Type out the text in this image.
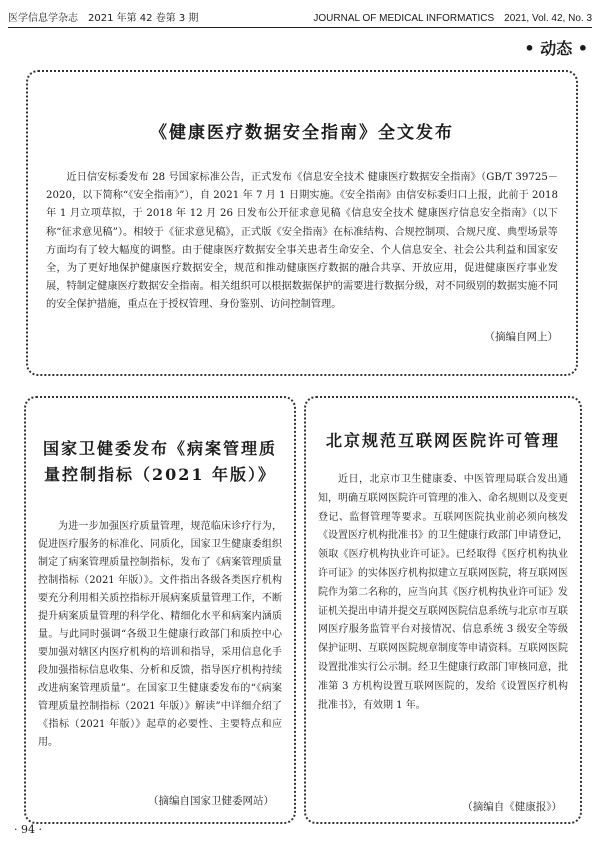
医学信息学杂志　2021 年第 42 卷第 3 期	JOURNAL OF MEDICAL INFORMATICS　2021, Vol. 42, No. 3
• 动态 •
《健康医疗数据安全指南》全文发布
近日信安标委发布 28 号国家标准公告，正式发布《信息安全技术 健康医疗数据安全指南》（GB/T 39725－2020，以下简称“《安全指南》”），自 2021 年 7 月 1 日期实施。《安全指南》由信安标委归口上报，此前于 2018 年 1 月立项草拟，于 2018 年 12 月 26 日发布公开征求意见稿《信息安全技术 健康医疗信息安全指南》（以下称“征求意见稿”）。相较于《征求意见稿》，正式版《安全指南》在标准结构、合规控制项、合规尺度、典型场景等方面均有了较大幅度的调整。由于健康医疗数据安全事关患者生命安全、个人信息安全、社会公共利益和国家安全，为了更好地保护健康医疗数据安全，规范和推动健康医疗数据的融合共享、开放应用，促进健康医疗事业发展，特制定健康医疗数据安全指南。相关组织可以根据数据保护的需要进行数据分级，对不同级别的数据实施不同的安全保护措施，重点在于授权管理、身份鉴别、访问控制管理。
（摘编自网上）
国家卫健委发布《病案管理质量控制指标（2021 年版）》
为进一步加强医疗质量管理，规范临床诊疗行为，促进医疗服务的标准化、同质化，国家卫生健康委组织制定了病案管理质量控制指标，发布了《病案管理质量控制指标（2021 年版）》。文件指出各级各类医疗机构要充分利用相关质控指标开展病案质量管理工作，不断提升病案质量管理的科学化、精细化水平和病案内涵质量。与此同时强调“各级卫生健康行政部门和质控中心要加强对辖区内医疗机构的培训和指导，采用信息化手段加强指标信息收集、分析和反馈，指导医疗机构持续改进病案管理质量”。在国家卫生健康委发布的“《病案管理质量控制指标（2021 年版）》解读”中详细介绍了《指标（2021 年版）》起草的必要性、主要特点和应用。
（摘编自国家卫健委网站）
北京规范互联网医院许可管理
近日，北京市卫生健康委、中医管理局联合发出通知，明确互联网医院许可管理的准入、命名规则以及变更登记、监督管理等要求。互联网医院执业前必须向核发《设置医疗机构批准书》的卫生健康行政部门申请登记，领取《医疗机构执业许可证》。已经取得《医疗机构执业许可证》的实体医疗机构拟建立互联网医院，将互联网医院作为第二名称的，应当向其《医疗机构执业许可证》发证机关提出申请并提交互联网医院信息系统与北京市互联网医疗服务监管平台对接情况、信息系统 3 级安全等级保护证明、互联网医院规章制度等申请资料。互联网医院设置批准实行公示制。经卫生健康行政部门审核同意，批准第 3 方机构设置互联网医院的，发给《设置医疗机构批准书》，有效期 1 年。
（摘编自《健康报》）
· 94 ·
